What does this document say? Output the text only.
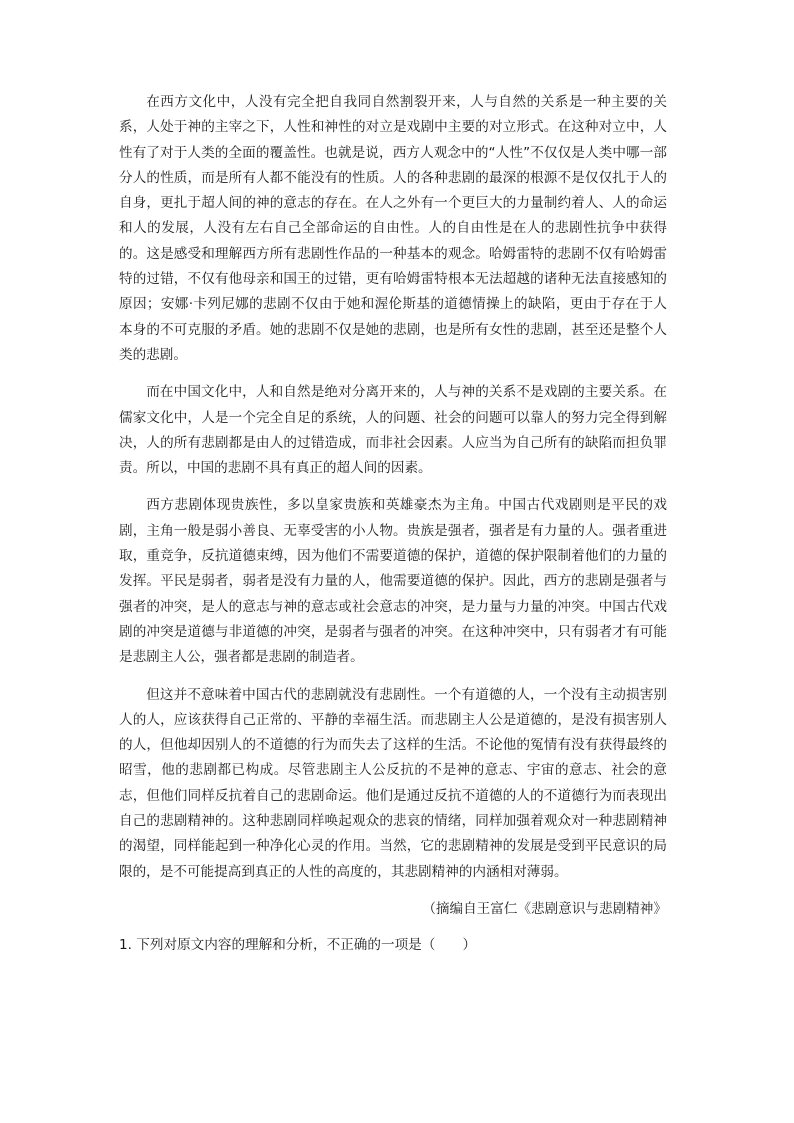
在西方文化中，人没有完全把自我同自然割裂开来，人与自然的关系是一种主要的关系，人处于神的主宰之下，人性和神性的对立是戏剧中主要的对立形式。在这种对立中，人性有了对于人类的全面的覆盖性。也就是说，西方人观念中的“人性”不仅仅是人类中哪一部分人的性质，而是所有人都不能没有的性质。人的各种悲剧的最深的根源不是仅仅扎于人的自身，更扎于超人间的神的意志的存在。在人之外有一个更巨大的力量制约着人、人的命运和人的发展，人没有左右自己全部命运的自由性。人的自由性是在人的悲剧性抗争中获得的。这是感受和理解西方所有悲剧性作品的一种基本的观念。哈姆雷特的悲剧不仅有哈姆雷特的过错，不仅有他母亲和国王的过错，更有哈姆雷特根本无法超越的诸种无法直接感知的原因；安娜·卡列尼娜的悲剧不仅由于她和渥伦斯基的道德情操上的缺陷，更由于存在于人本身的不可克服的矛盾。她的悲剧不仅是她的悲剧，也是所有女性的悲剧，甚至还是整个人类的悲剧。

而在中国文化中，人和自然是绝对分离开来的，人与神的关系不是戏剧的主要关系。在儒家文化中，人是一个完全自足的系统，人的问题、社会的问题可以靠人的努力完全得到解决，人的所有悲剧都是由人的过错造成，而非社会因素。人应当为自己所有的缺陷而担负罪责。所以，中国的悲剧不具有真正的超人间的因素。

西方悲剧体现贵族性，多以皇家贵族和英雄豪杰为主角。中国古代戏剧则是平民的戏剧，主角一般是弱小善良、无辜受害的小人物。贵族是强者，强者是有力量的人。强者重进取，重竞争，反抗道德束缚，因为他们不需要道德的保护，道德的保护限制着他们的力量的发挥。平民是弱者，弱者是没有力量的人，他需要道德的保护。因此，西方的悲剧是强者与强者的冲突，是人的意志与神的意志或社会意志的冲突，是力量与力量的冲突。中国古代戏剧的冲突是道德与非道德的冲突，是弱者与强者的冲突。在这种冲突中，只有弱者才有可能是悲剧主人公，强者都是悲剧的制造者。

但这并不意味着中国古代的悲剧就没有悲剧性。一个有道德的人，一个没有主动损害别人的人，应该获得自己正常的、平静的幸福生活。而悲剧主人公是道德的，是没有损害别人的人，但他却因别人的不道德的行为而失去了这样的生活。不论他的冤情有没有获得最终的昭雪，他的悲剧都已构成。尽管悲剧主人公反抗的不是神的意志、宇宙的意志、社会的意志，但他们同样反抗着自己的悲剧命运。他们是通过反抗不道德的人的不道德行为而表现出自己的悲剧精神的。这种悲剧同样唤起观众的悲哀的情绪，同样加强着观众对一种悲剧精神的渴望，同样能起到一种净化心灵的作用。当然，它的悲剧精神的发展是受到平民意识的局限的，是不可能提高到真正的人性的高度的，其悲剧精神的内涵相对薄弱。

（摘编自王富仁《悲剧意识与悲剧精神》

1. 下列对原文内容的理解和分析，不正确的一项是（　　）
